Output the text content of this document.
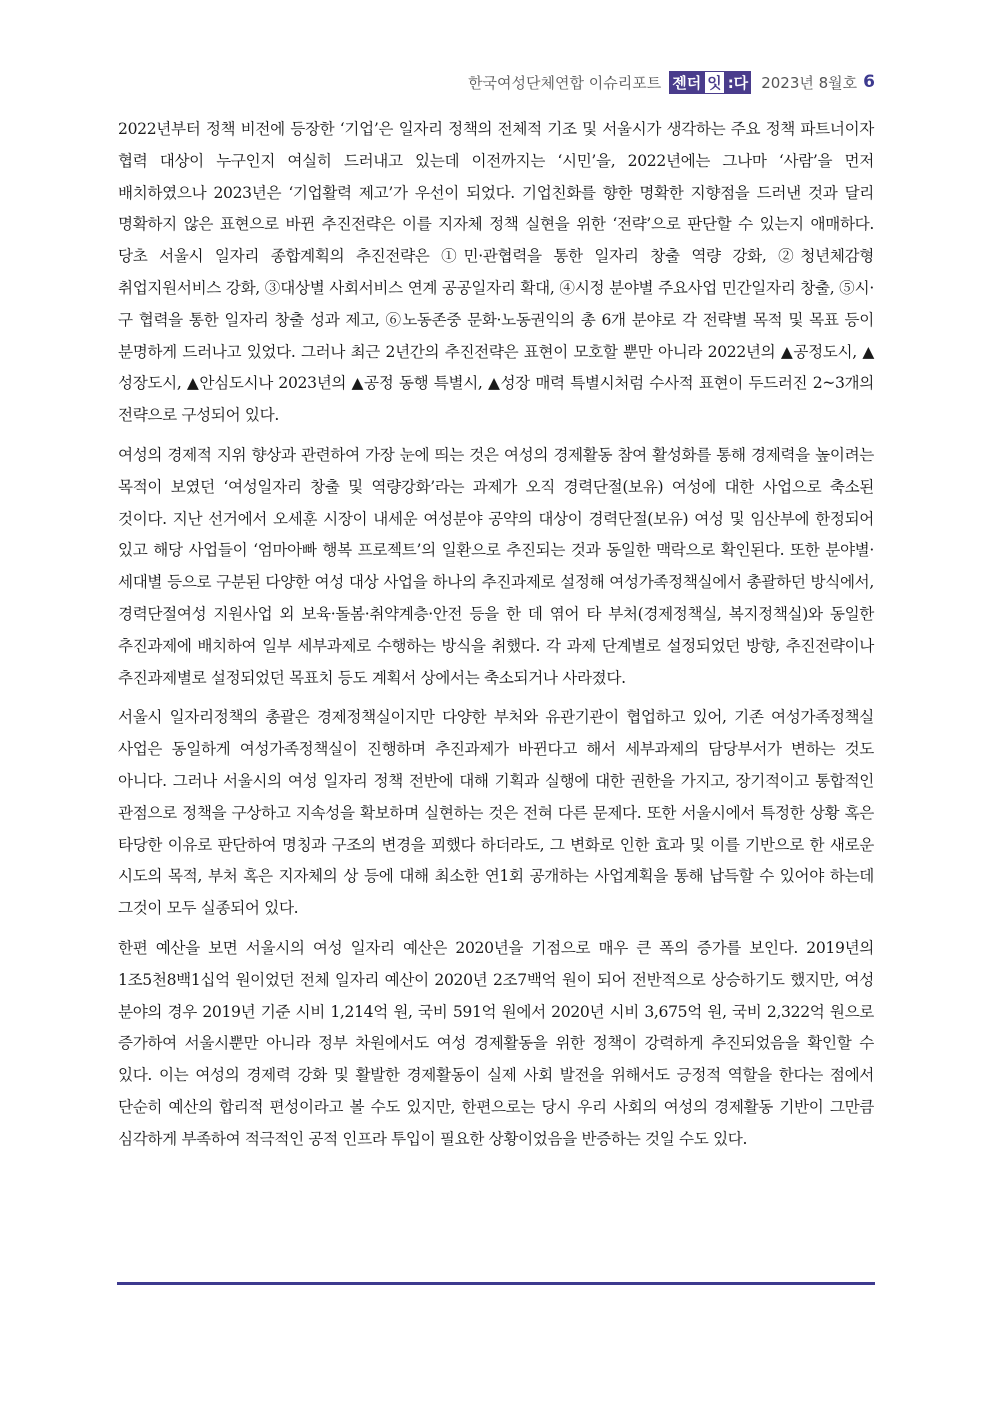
한국여성단체연합 이슈리포트 젠더 잇 :다 2023년 8월호 6

2022년부터 정책 비전에 등장한 ‘기업’은 일자리 정책의 전체적 기조 및 서울시가 생각하는 주요 정책 파트너이자 협력 대상이 누구인지 여실히 드러내고 있는데 이전까지는 ‘시민’을, 2022년에는 그나마 ‘사람’을 먼저 배치하였으나 2023년은 ‘기업활력 제고’가 우선이 되었다. 기업친화를 향한 명확한 지향점을 드러낸 것과 달리 명확하지 않은 표현으로 바뀐 추진전략은 이를 지자체 정책 실현을 위한 ‘전략’으로 판단할 수 있는지 애매하다. 당초 서울시 일자리 종합계획의 추진전략은 ①민·관협력을 통한 일자리 창출 역량 강화, ②청년체감형 취업지원서비스 강화, ③대상별 사회서비스 연계 공공일자리 확대, ④시정 분야별 주요사업 민간일자리 창출, ⑤시·구 협력을 통한 일자리 창출 성과 제고, ⑥노동존중 문화·노동권익의 총 6개 분야로 각 전략별 목적 및 목표 등이 분명하게 드러나고 있었다. 그러나 최근 2년간의 추진전략은 표현이 모호할 뿐만 아니라 2022년의 ▲공정도시, ▲성장도시, ▲안심도시나 2023년의 ▲공정 동행 특별시, ▲성장 매력 특별시처럼 수사적 표현이 두드러진 2~3개의 전략으로 구성되어 있다.

여성의 경제적 지위 향상과 관련하여 가장 눈에 띄는 것은 여성의 경제활동 참여 활성화를 통해 경제력을 높이려는 목적이 보였던 ‘여성일자리 창출 및 역량강화’라는 과제가 오직 경력단절(보유) 여성에 대한 사업으로 축소된 것이다. 지난 선거에서 오세훈 시장이 내세운 여성분야 공약의 대상이 경력단절(보유) 여성 및 임산부에 한정되어 있고 해당 사업들이 ‘엄마아빠 행복 프로젝트’의 일환으로 추진되는 것과 동일한 맥락으로 확인된다. 또한 분야별·세대별 등으로 구분된 다양한 여성 대상 사업을 하나의 추진과제로 설정해 여성가족정책실에서 총괄하던 방식에서, 경력단절여성 지원사업 외 보육·돌봄·취약계층·안전 등을 한 데 엮어 타 부처(경제정책실, 복지정책실)와 동일한 추진과제에 배치하여 일부 세부과제로 수행하는 방식을 취했다. 각 과제 단계별로 설정되었던 방향, 추진전략이나 추진과제별로 설정되었던 목표치 등도 계획서 상에서는 축소되거나 사라졌다.

서울시 일자리정책의 총괄은 경제정책실이지만 다양한 부처와 유관기관이 협업하고 있어, 기존 여성가족정책실 사업은 동일하게 여성가족정책실이 진행하며 추진과제가 바뀐다고 해서 세부과제의 담당부서가 변하는 것도 아니다. 그러나 서울시의 여성 일자리 정책 전반에 대해 기획과 실행에 대한 권한을 가지고, 장기적이고 통합적인 관점으로 정책을 구상하고 지속성을 확보하며 실현하는 것은 전혀 다른 문제다. 또한 서울시에서 특정한 상황 혹은 타당한 이유로 판단하여 명칭과 구조의 변경을 꾀했다 하더라도, 그 변화로 인한 효과 및 이를 기반으로 한 새로운 시도의 목적, 부처 혹은 지자체의 상 등에 대해 최소한 연1회 공개하는 사업계획을 통해 납득할 수 있어야 하는데 그것이 모두 실종되어 있다.

한편 예산을 보면 서울시의 여성 일자리 예산은 2020년을 기점으로 매우 큰 폭의 증가를 보인다. 2019년의 1조5천8백1십억 원이었던 전체 일자리 예산이 2020년 2조7백억 원이 되어 전반적으로 상승하기도 했지만, 여성 분야의 경우 2019년 기준 시비 1,214억 원, 국비 591억 원에서 2020년 시비 3,675억 원, 국비 2,322억 원으로 증가하여 서울시뿐만 아니라 정부 차원에서도 여성 경제활동을 위한 정책이 강력하게 추진되었음을 확인할 수 있다. 이는 여성의 경제력 강화 및 활발한 경제활동이 실제 사회 발전을 위해서도 긍정적 역할을 한다는 점에서 단순히 예산의 합리적 편성이라고 볼 수도 있지만, 한편으로는 당시 우리 사회의 여성의 경제활동 기반이 그만큼 심각하게 부족하여 적극적인 공적 인프라 투입이 필요한 상황이었음을 반증하는 것일 수도 있다.
